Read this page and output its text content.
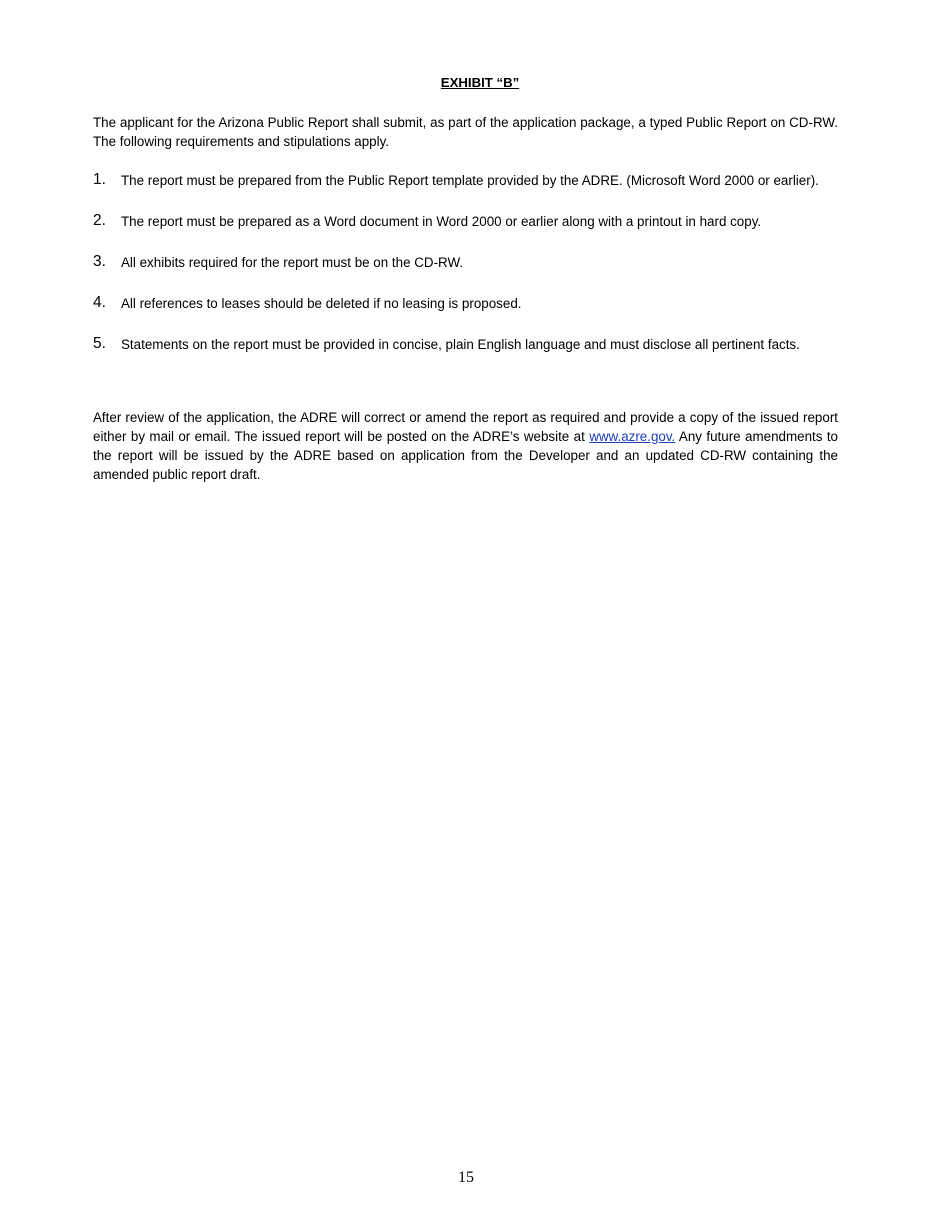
EXHIBIT “B”
The applicant for the Arizona Public Report shall submit, as part of the application package, a typed Public Report on CD-RW. The following requirements and stipulations apply.
1. The report must be prepared from the Public Report template provided by the ADRE. (Microsoft Word 2000 or earlier).
2. The report must be prepared as a Word document in Word 2000 or earlier along with a printout in hard copy.
3. All exhibits required for the report must be on the CD-RW.
4. All references to leases should be deleted if no leasing is proposed.
5. Statements on the report must be provided in concise, plain English language and must disclose all pertinent facts.
After review of the application, the ADRE will correct or amend the report as required and provide a copy of the issued report either by mail or email. The issued report will be posted on the ADRE’s website at www.azre.gov. Any future amendments to the report will be issued by the ADRE based on application from the Developer and an updated CD-RW containing the amended public report draft.
15
